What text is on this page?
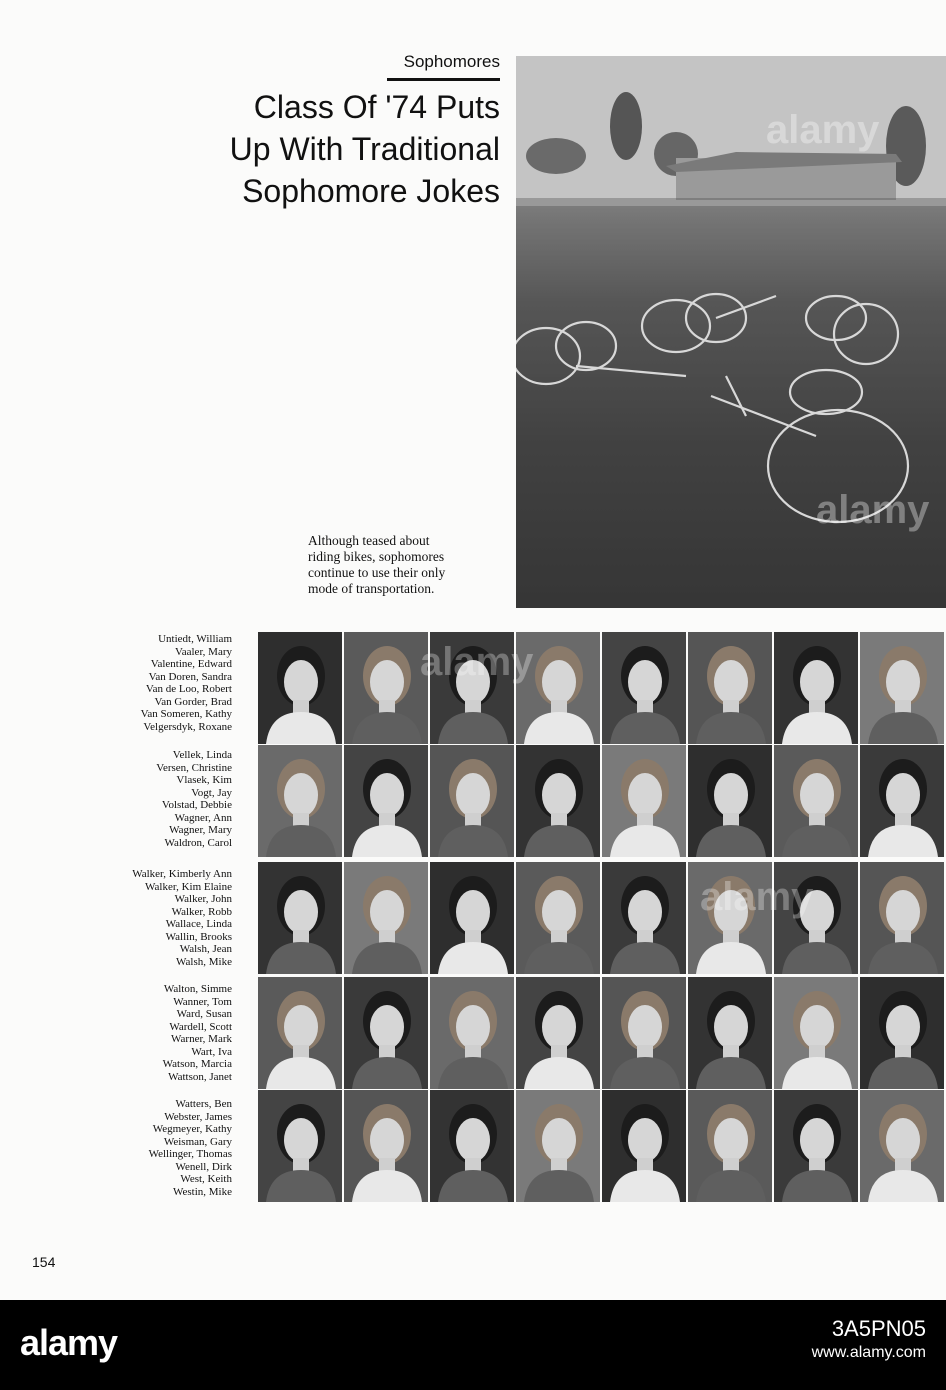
Sophomores
Class Of '74 Puts
Up With Traditional
Sophomore Jokes
alamy
alamy
Although teased about
riding bikes, sophomores
continue to use their only
mode of transportation.
Untiedt, William
Vaaler, Mary
Valentine, Edward
Van Doren, Sandra
Van de Loo, Robert
Van Gorder, Brad
Van Someren, Kathy
Velgersdyk, Roxane
Vellek, Linda
Versen, Christine
Vlasek, Kim
Vogt, Jay
Volstad, Debbie
Wagner, Ann
Wagner, Mary
Waldron, Carol
Walker, Kimberly Ann
Walker, Kim Elaine
Walker, John
Walker, Robb
Wallace, Linda
Wallin, Brooks
Walsh, Jean
Walsh, Mike
Walton, Simme
Wanner, Tom
Ward, Susan
Wardell, Scott
Warner, Mark
Wart, Iva
Watson, Marcia
Wattson, Janet
Watters, Ben
Webster, James
Wegmeyer, Kathy
Weisman, Gary
Wellinger, Thomas
Wenell, Dirk
West, Keith
Westin, Mike
alamy
alamy
154
alamy	3A5PN05
www.alamy.com
